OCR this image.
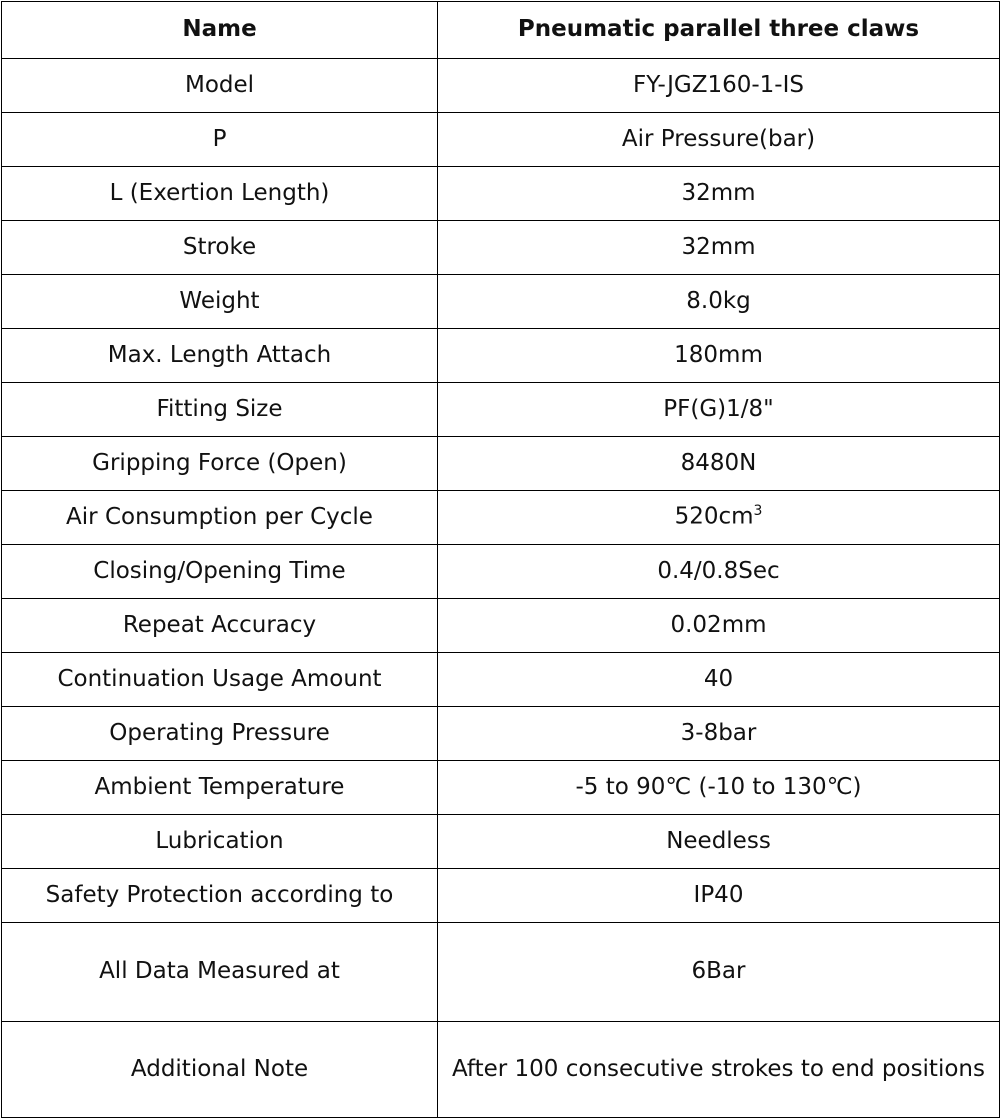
Name	Pneumatic parallel three claws
Model	FY-JGZ160-1-IS
P	Air Pressure(bar)
L (Exertion Length)	32mm
Stroke	32mm
Weight	8.0kg
Max. Length Attach	180mm
Fitting Size	PF(G)1/8"
Gripping Force (Open)	8480N
Air Consumption per Cycle	$520cm^3$
Closing/Opening Time	0.4/0.8Sec
Repeat Accuracy	0.02mm
Continuation Usage Amount	40
Operating Pressure	3-8bar
Ambient Temperature	-5 to 90℃ (-10 to 130℃)
Lubrication	Needless
Safety Protection according to	IP40
All Data Measured at	6Bar
Additional Note	After 100 consecutive strokes to end positions
